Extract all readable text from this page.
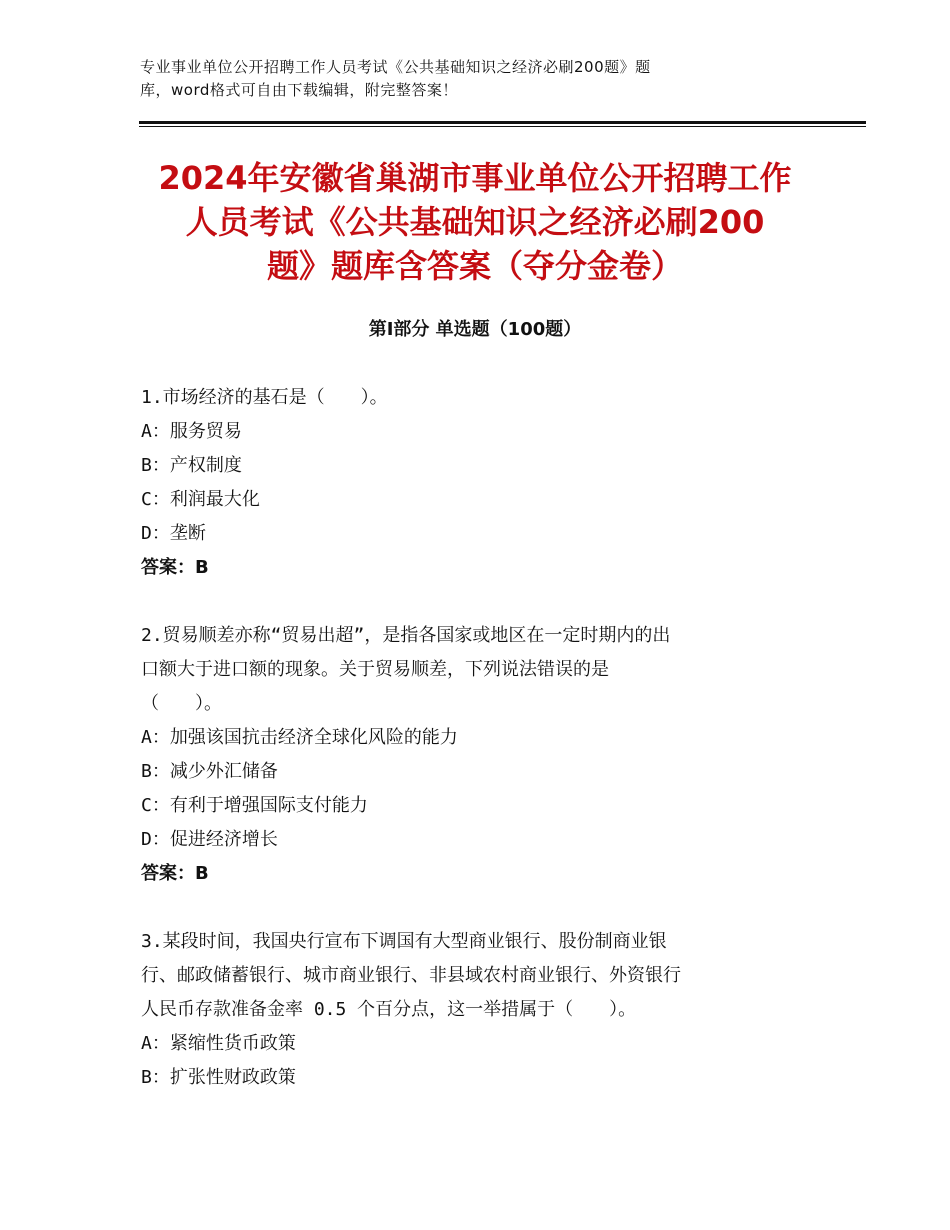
专业事业单位公开招聘工作人员考试《公共基础知识之经济必刷200题》题
库，word格式可自由下载编辑，附完整答案！
2024年安徽省巢湖市事业单位公开招聘工作
人员考试《公共基础知识之经济必刷200
题》题库含答案（夺分金卷）
第Ⅰ部分 单选题（100题）
1.市场经济的基石是（　　）。
A：服务贸易
B：产权制度
C：利润最大化
D：垄断
答案：B
2.贸易顺差亦称“贸易出超”，是指各国家或地区在一定时期内的出
口额大于进口额的现象。关于贸易顺差，下列说法错误的是
（　　）。
A：加强该国抗击经济全球化风险的能力
B：减少外汇储备
C：有利于增强国际支付能力
D：促进经济增长
答案：B
3.某段时间，我国央行宣布下调国有大型商业银行、股份制商业银
行、邮政储蓄银行、城市商业银行、非县域农村商业银行、外资银行
人民币存款准备金率 0.5 个百分点，这一举措属于（　　）。
A：紧缩性货币政策
B：扩张性财政政策
